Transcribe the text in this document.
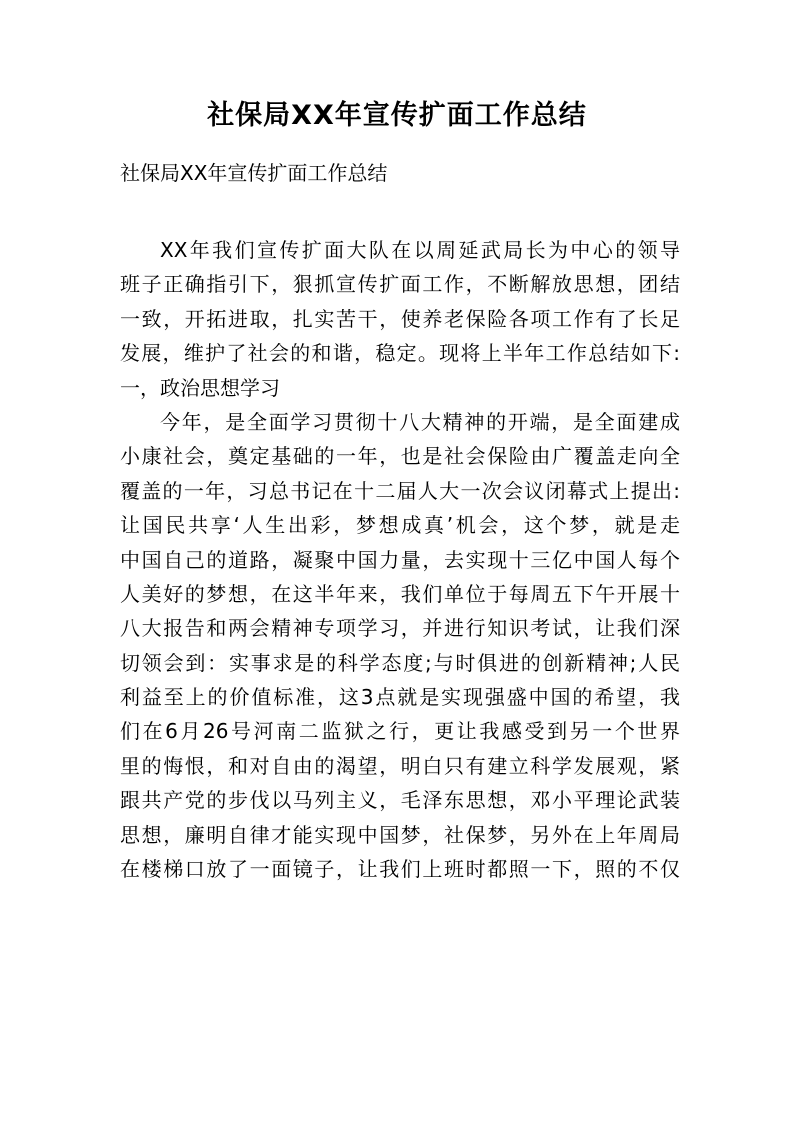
社保局XX年宣传扩面工作总结
社保局XX年宣传扩面工作总结
XX年我们宣传扩面大队在以周延武局长为中心的领导
班子正确指引下，狠抓宣传扩面工作，不断解放思想，团结
一致，开拓进取，扎实苦干，使养老保险各项工作有了长足
发展，维护了社会的和谐，稳定。现将上半年工作总结如下:
一，政治思想学习
今年，是全面学习贯彻十八大精神的开端，是全面建成
小康社会，奠定基础的一年，也是社会保险由广覆盖走向全
覆盖的一年，习总书记在十二届人大一次会议闭幕式上提出:
让国民共享‘人生出彩，梦想成真’机会，这个梦，就是走
中国自己的道路，凝聚中国力量，去实现十三亿中国人每个
人美好的梦想，在这半年来，我们单位于每周五下午开展十
八大报告和两会精神专项学习，并进行知识考试，让我们深
切领会到：实事求是的科学态度;与时俱进的创新精神;人民
利益至上的价值标准，这3点就是实现强盛中国的希望，我
们在6月26号河南二监狱之行，更让我感受到另一个世界
里的悔恨，和对自由的渴望，明白只有建立科学发展观，紧
跟共产党的步伐以马列主义，毛泽东思想，邓小平理论武装
思想，廉明自律才能实现中国梦，社保梦，另外在上年周局
在楼梯口放了一面镜子，让我们上班时都照一下，照的不仅
